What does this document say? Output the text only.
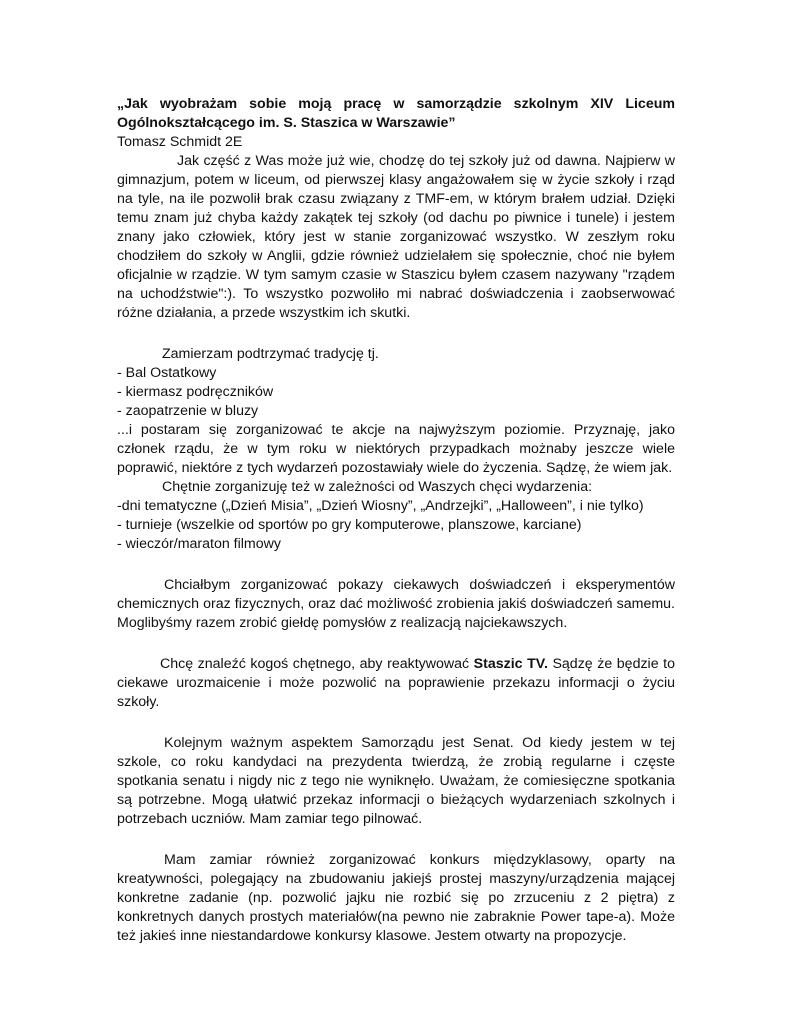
„Jak wyobrażam sobie moją pracę w samorządzie szkolnym XIV Liceum
Ogólnokształcącego im. S. Staszica w Warszawie”
Tomasz Schmidt 2E

Jak część z Was może już wie, chodzę do tej szkoły już od dawna. Najpierw w gimnazjum, potem w liceum, od pierwszej klasy angażowałem się w życie szkoły i rząd na tyle, na ile pozwolił brak czasu związany z TMF-em, w którym brałem udział. Dzięki temu znam już chyba każdy zakątek tej szkoły (od dachu po piwnice i tunele) i jestem znany jako człowiek, który jest w stanie zorganizować wszystko. W zeszłym roku chodziłem do szkoły w Anglii, gdzie również udzielałem się społecznie, choć nie byłem oficjalnie w rządzie. W tym samym czasie w Staszicu byłem czasem nazywany "rządem na uchodźstwie":). To wszystko pozwoliło mi nabrać doświadczenia i zaobserwować różne działania, a przede wszystkim ich skutki.

Zamierzam podtrzymać tradycję tj.

- Bal Ostatkowy
- kiermasz podręczników
- zaopatrzenie w bluzy

...i postaram się zorganizować te akcje na najwyższym poziomie. Przyznaję, jako członek rządu, że w tym roku w niektórych przypadkach możnaby jeszcze wiele poprawić, niektóre z tych wydarzeń pozostawiały wiele do życzenia. Sądzę, że wiem jak.

Chętnie zorganizuję też w zależności od Waszych chęci wydarzenia:

-dni tematyczne („Dzień Misia”, „Dzień Wiosny”, „Andrzejki”, „Halloween”, i nie tylko)
- turnieje (wszelkie od sportów po gry komputerowe, planszowe, karciane)
- wieczór/maraton filmowy

Chciałbym zorganizować pokazy ciekawych doświadczeń i eksperymentów chemicznych oraz fizycznych, oraz dać możliwość zrobienia jakiś doświadczeń samemu. Moglibyśmy razem zrobić giełdę pomysłów z realizacją najciekawszych.

Chcę znaleźć kogoś chętnego, aby reaktywować Staszic TV. Sądzę że będzie to ciekawe urozmaicenie i może pozwolić na poprawienie przekazu informacji o życiu szkoły.

Kolejnym ważnym aspektem Samorządu jest Senat. Od kiedy jestem w tej szkole, co roku kandydaci na prezydenta twierdzą, że zrobią regularne i częste spotkania senatu i nigdy nic z tego nie wyniknęło. Uważam, że comiesięczne spotkania są potrzebne. Mogą ułatwić przekaz informacji o bieżących wydarzeniach szkolnych i potrzebach uczniów. Mam zamiar tego pilnować.

Mam zamiar również zorganizować konkurs międzyklasowy, oparty na kreatywności, polegający na zbudowaniu jakiejś prostej maszyny/urządzenia mającej konkretne zadanie (np. pozwolić jajku nie rozbić się po zrzuceniu z 2 piętra) z konkretnych danych prostych materiałów(na pewno nie zabraknie Power tape-a). Może też jakieś inne niestandardowe konkursy klasowe. Jestem otwarty na propozycje.
